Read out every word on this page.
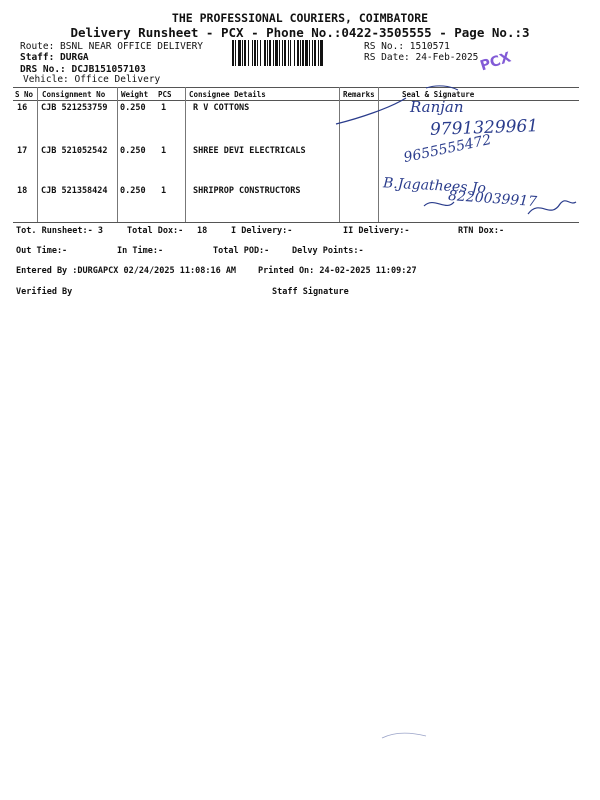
THE PROFESSIONAL COURIERS, COIMBATORE
Delivery Runsheet - PCX - Phone No.:0422-3505555 - Page No.:3
Route: BSNL NEAR OFFICE DELIVERY
Staff: DURGA
DRS No.: DCJB151057103
Vehicle: Office Delivery
RS No.: 1510571
RS Date: 24-Feb-2025 PCX
S No Consignment No Weight PCS Consignee Details	Remarks	Seal & Signature
16 CJB 521253759 0.250 1	R V COTTONS
17 CJB 521052542 0.250 1	SHREE DEVI ELECTRICALS
18 CJB 521358424 0.250 1	SHRIPROP CONSTRUCTORS
Ranjan
9791329961
9655555472
B.Jagathees Jo
8220039917
Tot. Runsheet:- 3	Total Dox:- 18	I Delivery:-	II Delivery:-	RTN Dox:-
Out Time:-	In Time:-	Total POD:-	Delvy Points:-
Entered By :DURGAPCX 02/24/2025 11:08:16 AM	Printed On: 24-02-2025 11:09:27
Verified By	Staff Signature
